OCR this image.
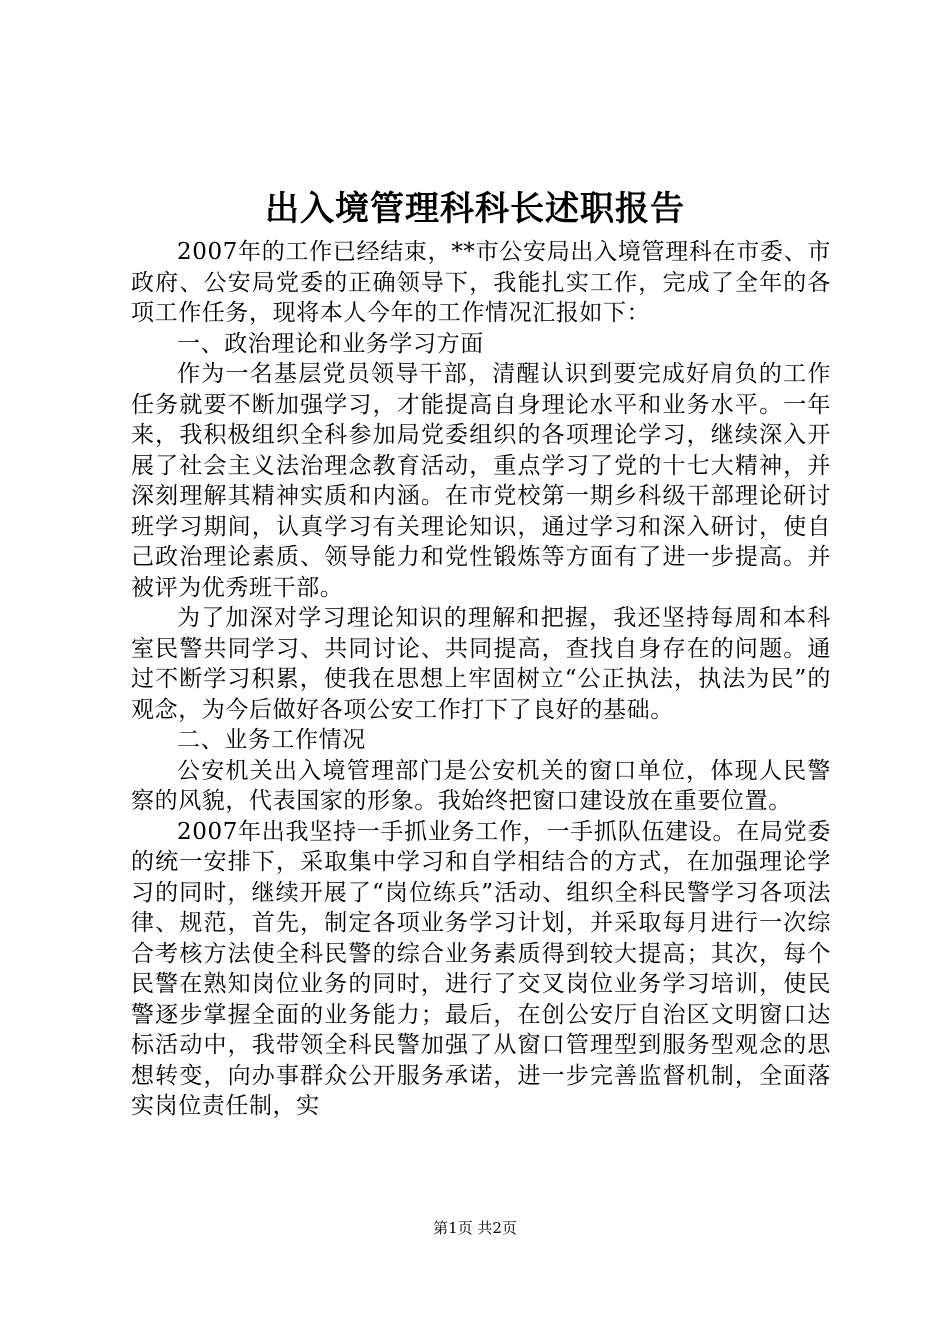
出入境管理科科长述职报告

2007年的工作已经结束，**市公安局出入境管理科在市委、市政府、公安局党委的正确领导下，我能扎实工作，完成了全年的各项工作任务，现将本人今年的工作情况汇报如下：

一、政治理论和业务学习方面

作为一名基层党员领导干部，清醒认识到要完成好肩负的工作任务就要不断加强学习，才能提高自身理论水平和业务水平。一年来，我积极组织全科参加局党委组织的各项理论学习，继续深入开展了社会主义法治理念教育活动，重点学习了党的十七大精神，并深刻理解其精神实质和内涵。在市党校第一期乡科级干部理论研讨班学习期间，认真学习有关理论知识，通过学习和深入研讨，使自己政治理论素质、领导能力和党性锻炼等方面有了进一步提高。并被评为优秀班干部。

为了加深对学习理论知识的理解和把握，我还坚持每周和本科室民警共同学习、共同讨论、共同提高，查找自身存在的问题。通过不断学习积累，使我在思想上牢固树立“公正执法，执法为民”的观念，为今后做好各项公安工作打下了良好的基础。

二、业务工作情况

公安机关出入境管理部门是公安机关的窗口单位，体现人民警察的风貌，代表国家的形象。我始终把窗口建设放在重要位置。

2007年出我坚持一手抓业务工作，一手抓队伍建设。在局党委的统一安排下，采取集中学习和自学相结合的方式，在加强理论学习的同时，继续开展了“岗位练兵”活动、组织全科民警学习各项法律、规范，首先，制定各项业务学习计划，并采取每月进行一次综合考核方法使全科民警的综合业务素质得到较大提高；其次，每个民警在熟知岗位业务的同时，进行了交叉岗位业务学习培训，使民警逐步掌握全面的业务能力；最后，在创公安厅自治区文明窗口达标活动中，我带领全科民警加强了从窗口管理型到服务型观念的思想转变，向办事群众公开服务承诺，进一步完善监督机制，全面落实岗位责任制，实

第1页 共2页
